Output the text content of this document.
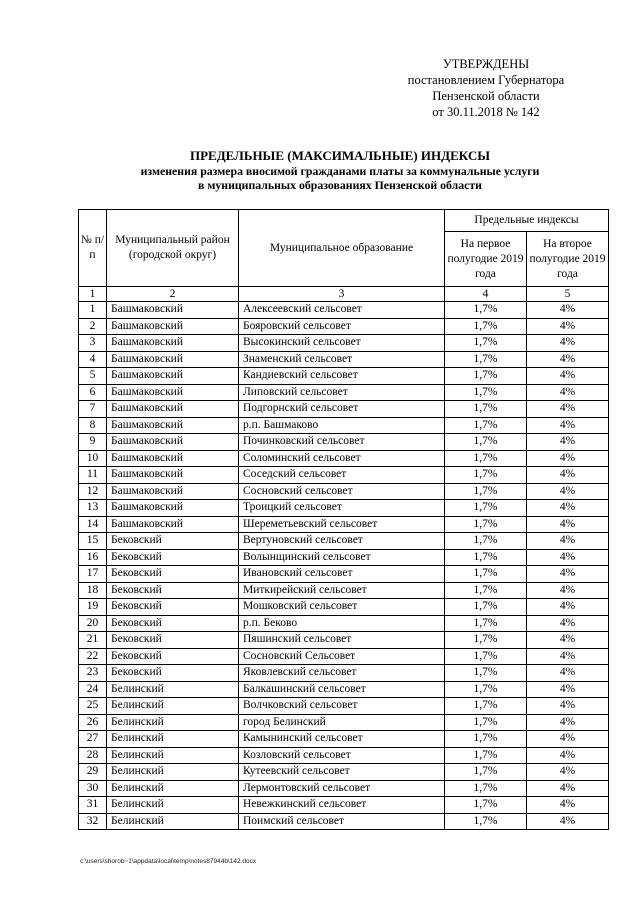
УТВЕРЖДЕНЫ
постановлением Губернатора
Пензенской области
от 30.11.2018 № 142
ПРЕДЕЛЬНЫЕ (МАКСИМАЛЬНЫЕ) ИНДЕКСЫ
изменения размера вносимой гражданами платы за коммунальные услуги
в муниципальных образованиях Пензенской области
№ п/п	Муниципальный район (городской округ)	Муниципальное образование	Предельные индексы	
			На первое полугодие 2019 года	На второе полугодие 2019 года
1	2	3	4	5
1	Башмаковский	Алексеевский сельсовет	1,7%	4%
2	Башмаковский	Бояровский сельсовет	1,7%	4%
3	Башмаковский	Высокинский сельсовет	1,7%	4%
4	Башмаковский	Знаменский сельсовет	1,7%	4%
5	Башмаковский	Кандиевский сельсовет	1,7%	4%
6	Башмаковский	Липовский сельсовет	1,7%	4%
7	Башмаковский	Подгорнский сельсовет	1,7%	4%
8	Башмаковский	р.п. Башмаково	1,7%	4%
9	Башмаковский	Починковский сельсовет	1,7%	4%
10	Башмаковский	Соломинский сельсовет	1,7%	4%
11	Башмаковский	Соседский сельсовет	1,7%	4%
12	Башмаковский	Сосновский сельсовет	1,7%	4%
13	Башмаковский	Троицкий сельсовет	1,7%	4%
14	Башмаковский	Шереметьевский сельсовет	1,7%	4%
15	Бековский	Вертуновский сельсовет	1,7%	4%
16	Бековский	Волынщинский сельсовет	1,7%	4%
17	Бековский	Ивановский сельсовет	1,7%	4%
18	Бековский	Миткирейский сельсовет	1,7%	4%
19	Бековский	Мошковский сельсовет	1,7%	4%
20	Бековский	р.п. Беково	1,7%	4%
21	Бековский	Пяшинский сельсовет	1,7%	4%
22	Бековский	Сосновский Сельсовет	1,7%	4%
23	Бековский	Яковлевский сельсовет	1,7%	4%
24	Белинский	Балкашинский сельсовет	1,7%	4%
25	Белинский	Волчковский сельсовет	1,7%	4%
26	Белинский	город Белинский	1,7%	4%
27	Белинский	Камынинский сельсовет	1,7%	4%
28	Белинский	Козловский сельсовет	1,7%	4%
29	Белинский	Кутеевский сельсовет	1,7%	4%
30	Белинский	Лермонтовский сельсовет	1,7%	4%
31	Белинский	Невежкинский сельсовет	1,7%	4%
32	Белинский	Поимский сельсовет	1,7%	4%
c:\users\shorob~1\appdata\local\temp\notes87944b\142.docx
